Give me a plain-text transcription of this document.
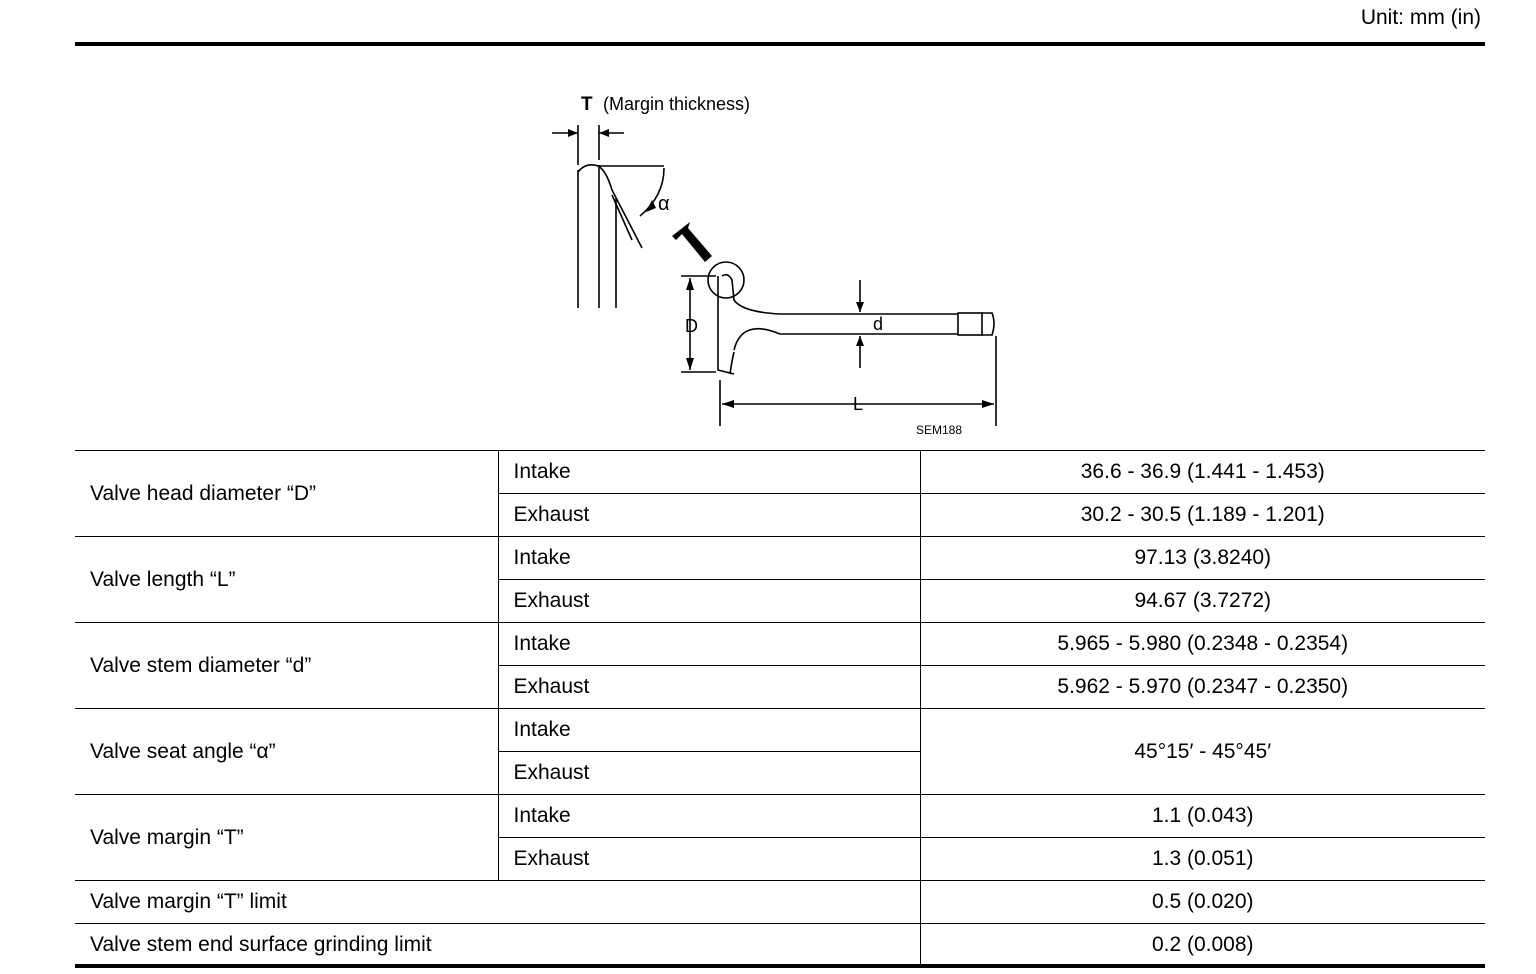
Unit: mm (in)
T (Margin thickness)
α
D	d
L
SEM188
Valve head diameter “D”	Intake	36.6 - 36.9 (1.441 - 1.453)
	Exhaust	30.2 - 30.5 (1.189 - 1.201)
Valve length “L”	Intake	97.13 (3.8240)
	Exhaust	94.67 (3.7272)
Valve stem diameter “d”	Intake	5.965 - 5.980 (0.2348 - 0.2354)
	Exhaust	5.962 - 5.970 (0.2347 - 0.2350)
Valve seat angle “α”	Intake	45°15′ - 45°45′
	Exhaust	
Valve margin “T”	Intake	1.1 (0.043)
	Exhaust	1.3 (0.051)
Valve margin “T” limit		0.5 (0.020)
Valve stem end surface grinding limit		0.2 (0.008)
